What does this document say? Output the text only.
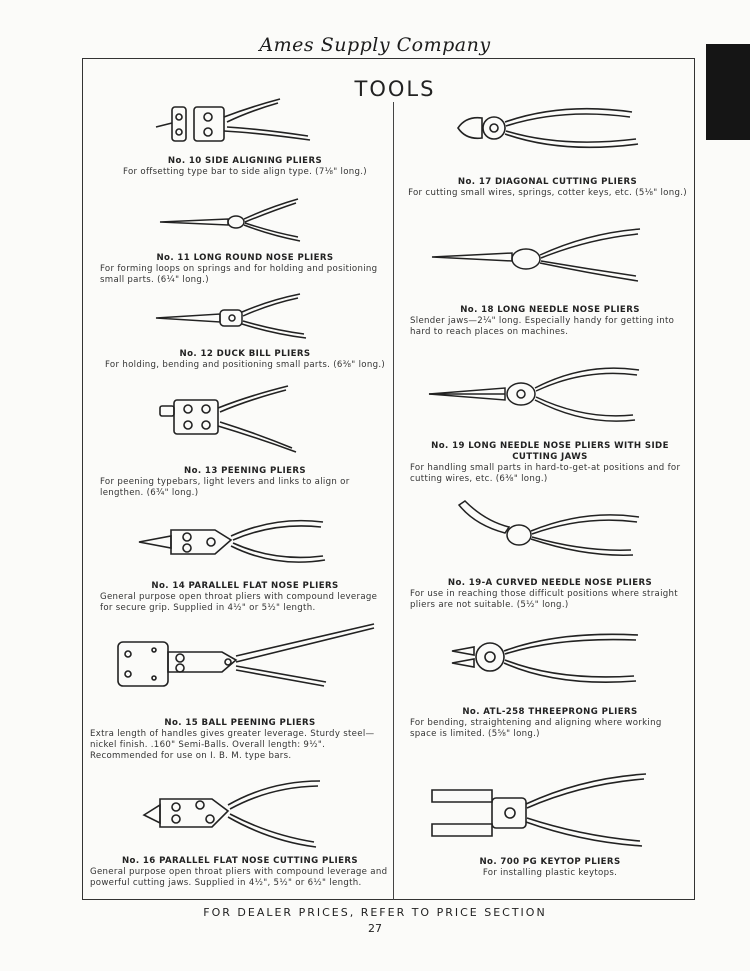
Ames Supply Company
TOOLS
No. 10 SIDE ALIGNING PLIERS
For offsetting type bar to side align type. (7⅛" long.)
No. 11 LONG ROUND NOSE PLIERS
For forming loops on springs and for holding and positioning small parts. (6¼" long.)
No. 12 DUCK BILL PLIERS
For holding, bending and positioning small parts. (6⅜" long.)
No. 13 PEENING PLIERS
For peening typebars, light levers and links to align or lengthen. (6¾" long.)
No. 14 PARALLEL FLAT NOSE PLIERS
General purpose open throat pliers with compound leverage for secure grip. Supplied in 4½" or 5½" length.
No. 15 BALL PEENING PLIERS
Extra length of handles gives greater leverage. Sturdy steel—nickel finish. .160" Semi-Balls. Overall length: 9½". Recommended for use on I. B. M. type bars.
No. 16 PARALLEL FLAT NOSE CUTTING PLIERS
General purpose open throat pliers with compound leverage and powerful cutting jaws. Supplied in 4½", 5½" or 6½" length.
No. 17 DIAGONAL CUTTING PLIERS
For cutting small wires, springs, cotter keys, etc. (5⅛" long.)
No. 18 LONG NEEDLE NOSE PLIERS
Slender jaws—2¼" long. Especially handy for getting into hard to reach places on machines.
No. 19 LONG NEEDLE NOSE PLIERS WITH SIDE CUTTING JAWS
For handling small parts in hard-to-get-at positions and for cutting wires, etc. (6⅜" long.)
No. 19-A CURVED NEEDLE NOSE PLIERS
For use in reaching those difficult positions where straight pliers are not suitable. (5½" long.)
No. ATL-258 THREEPRONG PLIERS
For bending, straightening and aligning where working space is limited. (5⅝" long.)
No. 700 PG KEYTOP PLIERS
For installing plastic keytops.
FOR DEALER PRICES, REFER TO PRICE SECTION
27
